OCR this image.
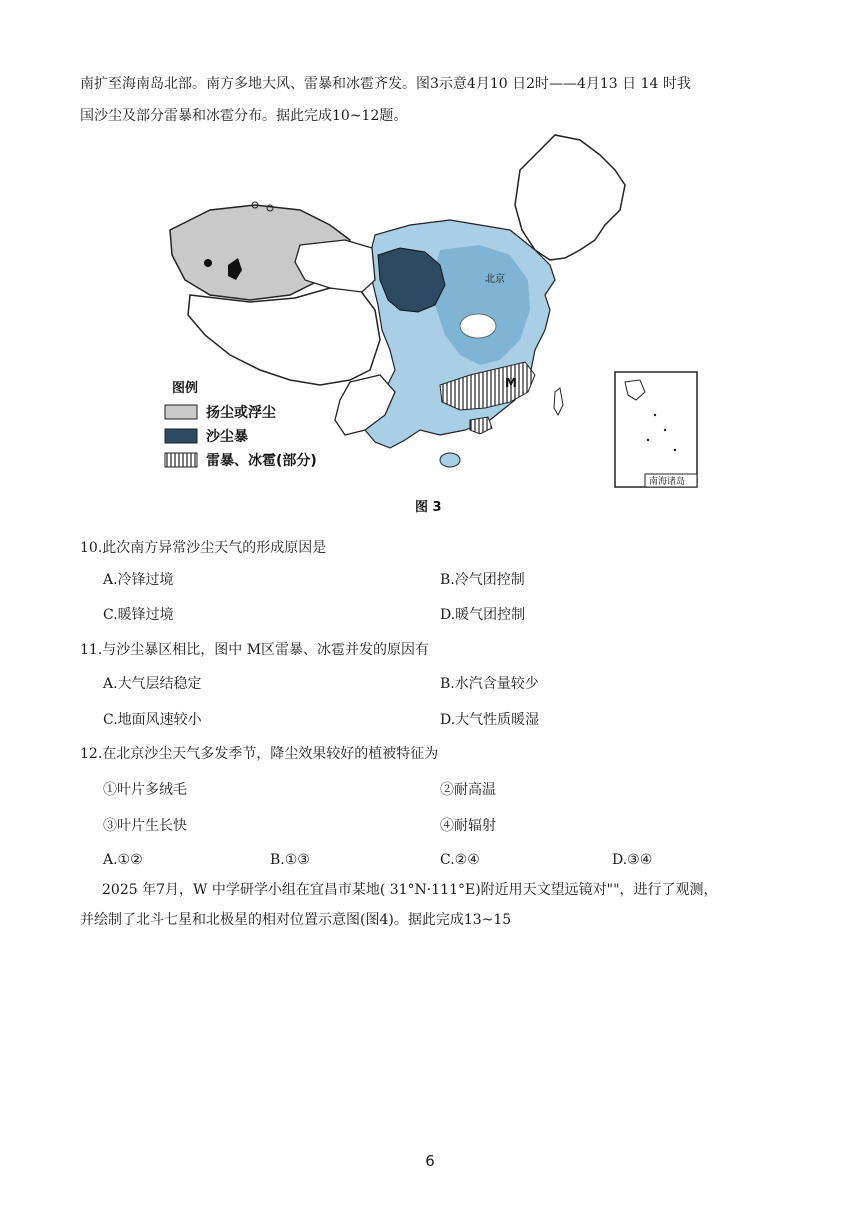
南扩至海南岛北部。南方多地大风、雷暴和冰雹齐发。图3示意4月10 日2时——4月13 日 14 时我
国沙尘及部分雷暴和冰雹分布。据此完成10~12题。
北京
M
图例
扬尘或浮尘
沙尘暴
雷暴、冰雹(部分)
南海诸岛
图 3
10.此次南方异常沙尘天气的形成原因是
A.冷锋过境	B.冷气团控制
C.暖锋过境	D.暖气团控制
11.与沙尘暴区相比，图中 M区雷暴、冰雹并发的原因有
A.大气层结稳定	B.水汽含量较少
C.地面风速较小	D.大气性质暖湿
12.在北京沙尘天气多发季节，降尘效果较好的植被特征为
①叶片多绒毛	②耐高温
③叶片生长快	④耐辐射
A.①②	B.①③	C.②④	D.③④
2025 年7月，W 中学研学小组在宜昌市某地( 31°N·111°E)附近用天文望远镜对""，进行了观测，
并绘制了北斗七星和北极星的相对位置示意图(图4)。据此完成13~15
6
